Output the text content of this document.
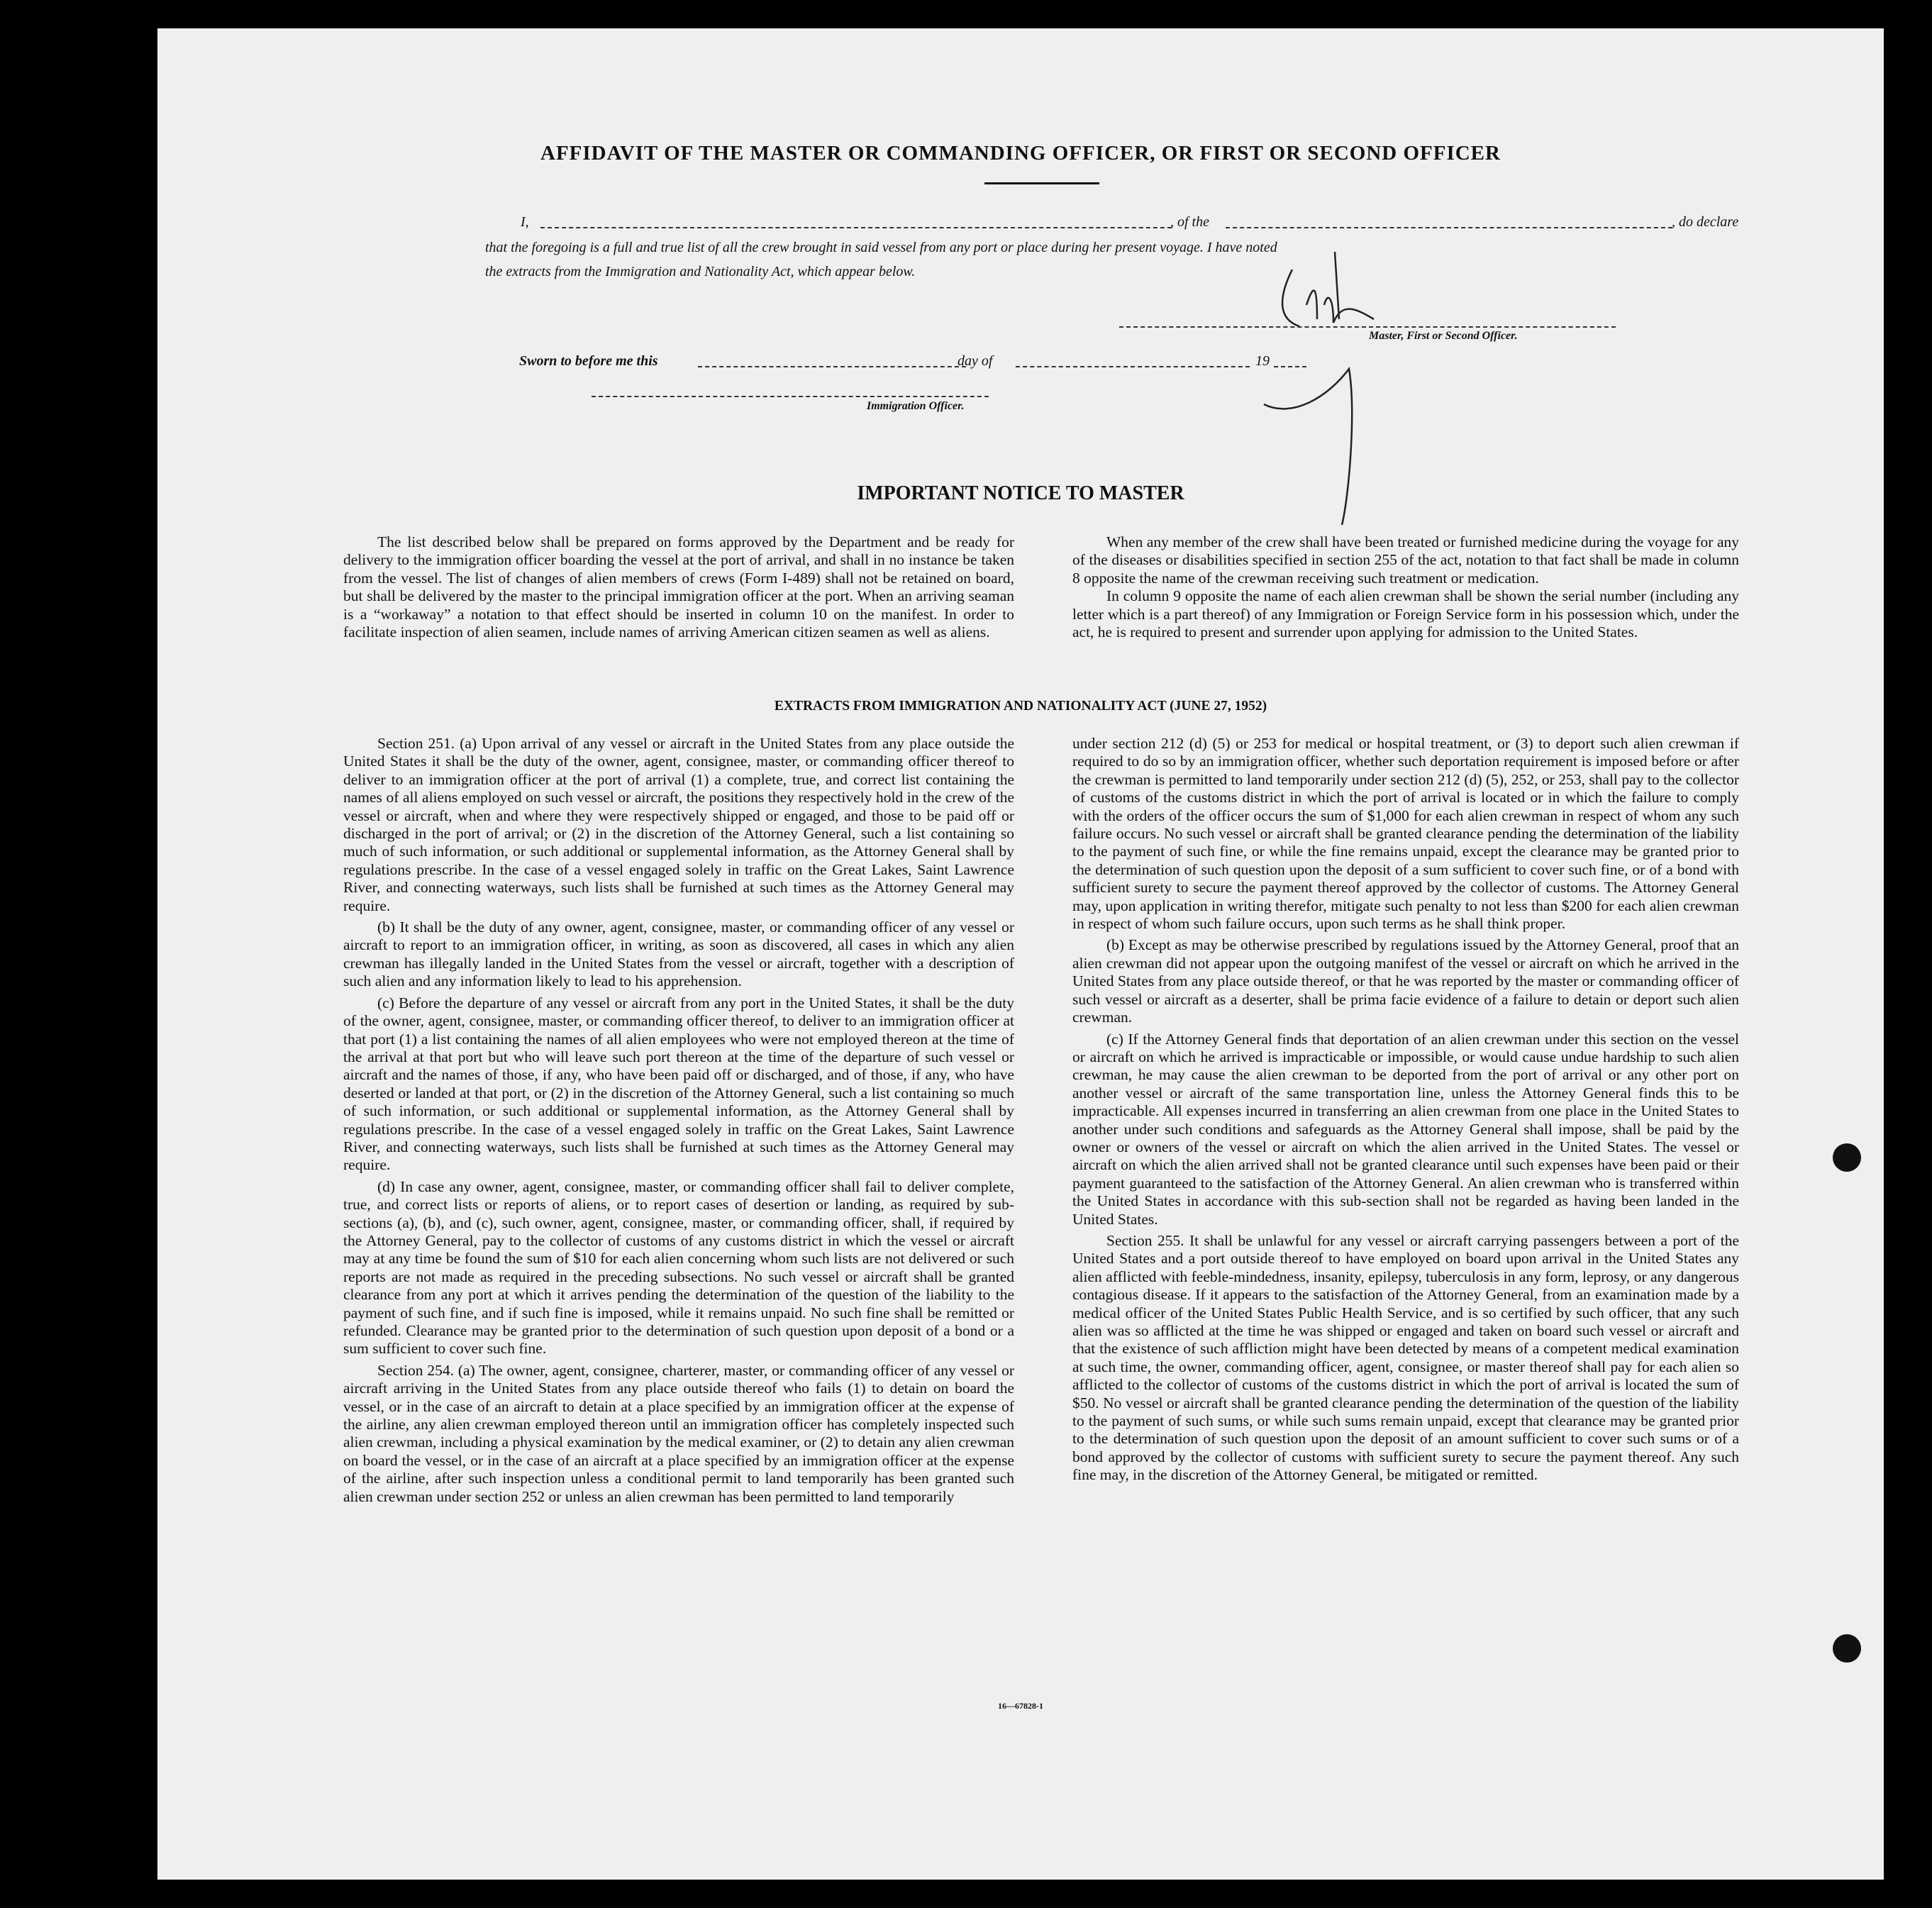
AFFIDAVIT OF THE MASTER OR COMMANDING OFFICER, OR FIRST OR SECOND OFFICER
I,	, of the	, do declare
that the foregoing is a full and true list of all the crew brought in said vessel from any port or place during her present voyage. I have noted
the extracts from the Immigration and Nationality Act, which appear below.
Master, First or Second Officer.
Sworn to before me this	day of	19
Immigration Officer.
IMPORTANT NOTICE TO MASTER

The list described below shall be prepared on forms approved by the Department and be ready for delivery to the immigration officer boarding the vessel at the port of arrival, and shall in no instance be taken from the vessel. The list of changes of alien members of crews (Form I-489) shall not be retained on board, but shall be delivered by the master to the principal immigration officer at the port. When an arriving seaman is a “workaway” a notation to that effect should be inserted in column 10 on the manifest. In order to facilitate inspection of alien seamen, include names of arriving American citizen seamen as well as aliens.

When any member of the crew shall have been treated or furnished medicine during the voyage for any of the diseases or disabilities specified in section 255 of the act, notation to that fact shall be made in column 8 opposite the name of the crewman receiving such treatment or medication.

In column 9 opposite the name of each alien crewman shall be shown the serial number (including any letter which is a part thereof) of any Immigration or Foreign Service form in his possession which, under the act, he is required to present and surrender upon applying for admission to the United States.

EXTRACTS FROM IMMIGRATION AND NATIONALITY ACT (JUNE 27, 1952)

Section 251. (a) Upon arrival of any vessel or aircraft in the United States from any place outside the United States it shall be the duty of the owner, agent, consignee, master, or commanding officer thereof to deliver to an immigration officer at the port of arrival (1) a complete, true, and correct list containing the names of all aliens employed on such vessel or aircraft, the positions they respectively hold in the crew of the vessel or aircraft, when and where they were respectively shipped or engaged, and those to be paid off or discharged in the port of arrival; or (2) in the discretion of the Attorney General, such a list containing so much of such information, or such additional or supplemental information, as the Attorney General shall by regulations prescribe. In the case of a vessel engaged solely in traffic on the Great Lakes, Saint Lawrence River, and connecting waterways, such lists shall be furnished at such times as the Attorney General may require.

(b) It shall be the duty of any owner, agent, consignee, master, or commanding officer of any vessel or aircraft to report to an immigration officer, in writing, as soon as discovered, all cases in which any alien crewman has illegally landed in the United States from the vessel or aircraft, together with a description of such alien and any information likely to lead to his apprehension.

(c) Before the departure of any vessel or aircraft from any port in the United States, it shall be the duty of the owner, agent, consignee, master, or commanding officer thereof, to deliver to an immigration officer at that port (1) a list containing the names of all alien employees who were not employed thereon at the time of the arrival at that port but who will leave such port thereon at the time of the departure of such vessel or aircraft and the names of those, if any, who have been paid off or discharged, and of those, if any, who have deserted or landed at that port, or (2) in the discretion of the Attorney General, such a list containing so much of such information, or such additional or supplemental information, as the Attorney General shall by regulations prescribe. In the case of a vessel engaged solely in traffic on the Great Lakes, Saint Lawrence River, and connecting waterways, such lists shall be furnished at such times as the Attorney General may require.

(d) In case any owner, agent, consignee, master, or commanding officer shall fail to deliver complete, true, and correct lists or reports of aliens, or to report cases of desertion or landing, as required by sub-sections (a), (b), and (c), such owner, agent, consignee, master, or commanding officer, shall, if required by the Attorney General, pay to the collector of customs of any customs district in which the vessel or aircraft may at any time be found the sum of $10 for each alien concerning whom such lists are not delivered or such reports are not made as required in the preceding subsections. No such vessel or aircraft shall be granted clearance from any port at which it arrives pending the determination of the question of the liability to the payment of such fine, and if such fine is imposed, while it remains unpaid. No such fine shall be remitted or refunded. Clearance may be granted prior to the determination of such question upon deposit of a bond or a sum sufficient to cover such fine.

Section 254. (a) The owner, agent, consignee, charterer, master, or commanding officer of any vessel or aircraft arriving in the United States from any place outside thereof who fails (1) to detain on board the vessel, or in the case of an aircraft to detain at a place specified by an immigration officer at the expense of the airline, any alien crewman employed thereon until an immigration officer has completely inspected such alien crewman, including a physical examination by the medical examiner, or (2) to detain any alien crewman on board the vessel, or in the case of an aircraft at a place specified by an immigration officer at the expense of the airline, after such inspection unless a conditional permit to land temporarily has been granted such alien crewman under section 252 or unless an alien crewman has been permitted to land temporarily

under section 212 (d) (5) or 253 for medical or hospital treatment, or (3) to deport such alien crewman if required to do so by an immigration officer, whether such deportation requirement is imposed before or after the crewman is permitted to land temporarily under section 212 (d) (5), 252, or 253, shall pay to the collector of customs of the customs district in which the port of arrival is located or in which the failure to comply with the orders of the officer occurs the sum of $1,000 for each alien crewman in respect of whom any such failure occurs. No such vessel or aircraft shall be granted clearance pending the determination of the liability to the payment of such fine, or while the fine remains unpaid, except the clearance may be granted prior to the determination of such question upon the deposit of a sum sufficient to cover such fine, or of a bond with sufficient surety to secure the payment thereof approved by the collector of customs. The Attorney General may, upon application in writing therefor, mitigate such penalty to not less than $200 for each alien crewman in respect of whom such failure occurs, upon such terms as he shall think proper.

(b) Except as may be otherwise prescribed by regulations issued by the Attorney General, proof that an alien crewman did not appear upon the outgoing manifest of the vessel or aircraft on which he arrived in the United States from any place outside thereof, or that he was reported by the master or commanding officer of such vessel or aircraft as a deserter, shall be prima facie evidence of a failure to detain or deport such alien crewman.

(c) If the Attorney General finds that deportation of an alien crewman under this section on the vessel or aircraft on which he arrived is impracticable or impossible, or would cause undue hardship to such alien crewman, he may cause the alien crewman to be deported from the port of arrival or any other port on another vessel or aircraft of the same transportation line, unless the Attorney General finds this to be impracticable. All expenses incurred in transferring an alien crewman from one place in the United States to another under such conditions and safeguards as the Attorney General shall impose, shall be paid by the owner or owners of the vessel or aircraft on which the alien arrived in the United States. The vessel or aircraft on which the alien arrived shall not be granted clearance until such expenses have been paid or their payment guaranteed to the satisfaction of the Attorney General. An alien crewman who is transferred within the United States in accordance with this sub-section shall not be regarded as having been landed in the United States.

Section 255. It shall be unlawful for any vessel or aircraft carrying passengers between a port of the United States and a port outside thereof to have employed on board upon arrival in the United States any alien afflicted with feeble-mindedness, insanity, epilepsy, tuberculosis in any form, leprosy, or any dangerous contagious disease. If it appears to the satisfaction of the Attorney General, from an examination made by a medical officer of the United States Public Health Service, and is so certified by such officer, that any such alien was so afflicted at the time he was shipped or engaged and taken on board such vessel or aircraft and that the existence of such affliction might have been detected by means of a competent medical examination at such time, the owner, commanding officer, agent, consignee, or master thereof shall pay for each alien so afflicted to the collector of customs of the customs district in which the port of arrival is located the sum of $50. No vessel or aircraft shall be granted clearance pending the determination of the question of the liability to the payment of such sums, or while such sums remain unpaid, except that clearance may be granted prior to the determination of such question upon the deposit of an amount sufficient to cover such sums or of a bond approved by the collector of customs with sufficient surety to secure the payment thereof. Any such fine may, in the discretion of the Attorney General, be mitigated or remitted.

16—67828-1
